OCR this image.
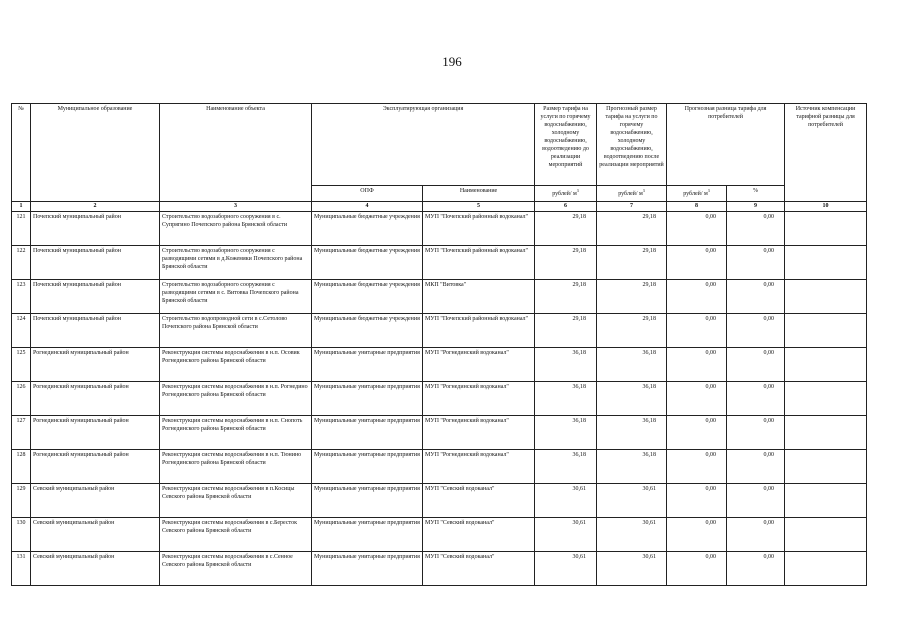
196
№	Муниципальное образование	Наименование объекта	Эксплуатирующая организация		Размер тарифа на услуги по горячему водоснабжению, холодному водоснабжению, водоотведению до реализации мероприятий	Прогнозный размер тарифа на услуги по горячему водоснабжению, холодному водоснабжению, водоотведению после реализации мероприятий	Прогнозная разница тарифа для потребителей		Источник компенсации тарифной разницы для потребителей
			ОПФ	Наименование	рублей/ $м^3$	рублей/ $м^3$	рублей/ $м^3$	%	
1	2	3	4	5	6	7	8	9	10
121	Почепский муниципальный район	Строительство водозаборного сооружения в с. Супрягино Почепского района Брянской области	Муниципальные бюджетные учреждения	МУП "Почепский районный водоканал"	29,18	29,18	0,00	0,00	
122	Почепский муниципальный район	Строительство водозаборного сооружения с разводящими сетями в д.Кожемяки Почепского района Брянской области	Муниципальные бюджетные учреждения	МУП "Почепский районный водоканал"	29,18	29,18	0,00	0,00	
123	Почепский муниципальный район	Строительство водозаборного сооружения с разводящими сетями в с. Витовка Почепского района Брянской области	Муниципальные бюджетные учреждения	МКП "Витовка"	29,18	29,18	0,00	0,00	
124	Почепский муниципальный район	Строительство водопроводной сети в с.Сетолово Почепского района Брянской области	Муниципальные бюджетные учреждения	МУП "Почепский районный водоканал"	29,18	29,18	0,00	0,00	
125	Рогнединский муниципальный район	Реконструкция системы водоснабжения в н.п. Осовик Рогнединского района Брянской области	Муниципальные унитарные предприятия	МУП "Рогнединский водоканал"	36,18	36,18	0,00	0,00	
126	Рогнединский муниципальный район	Реконструкция системы водоснабжения в н.п. Рогнедино Рогнединского района Брянской области	Муниципальные унитарные предприятия	МУП "Рогнединский водоканал"	36,18	36,18	0,00	0,00	
127	Рогнединский муниципальный район	Реконструкция системы водоснабжения в н.п. Снопоть Рогнединского района Брянской области	Муниципальные унитарные предприятия	МУП "Рогнединский водоканал"	36,18	36,18	0,00	0,00	
128	Рогнединский муниципальный район	Реконструкция системы водоснабжения в н.п. Тюнино Рогнединского района Брянской области	Муниципальные унитарные предприятия	МУП "Рогнединский водоканал"	36,18	36,18	0,00	0,00	
129	Севский муниципальный район	Реконструкция системы водоснабжения в п.Косицы Севского района Брянской области	Муниципальные унитарные предприятия	МУП "Севский водоканал"	30,61	30,61	0,00	0,00	
130	Севский муниципальный район	Реконструкция системы водоснабжения в с.Бересток Севского района Брянской области	Муниципальные унитарные предприятия	МУП "Севский водоканал"	30,61	30,61	0,00	0,00	
131	Севский муниципальный район	Реконструкция системы водоснабжения в с.Сенное Севского района Брянской области	Муниципальные унитарные предприятия	МУП "Севский водоканал"	30,61	30,61	0,00	0,00	
